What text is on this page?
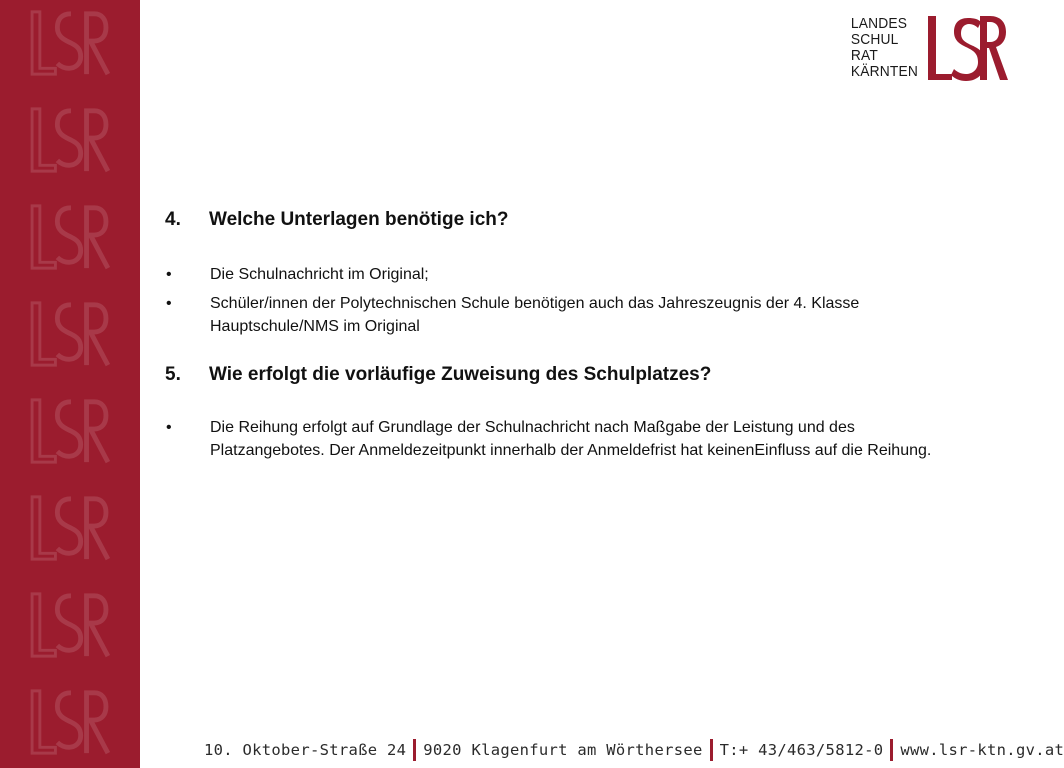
LANDES
SCHUL
RAT
KÄRNTEN
4.	Welche Unterlagen benötige ich?
•	Die Schulnachricht im Original;
•	Schüler/innen der Polytechnischen Schule benötigen auch das Jahreszeugnis der 4. Klasse Hauptschule/NMS im Original
5.	Wie erfolgt die vorläufige Zuweisung des Schulplatzes?
•	Die Reihung erfolgt auf Grundlage der Schulnachricht nach Maßgabe der Leistung und des Platzangebotes. Der Anmeldezeitpunkt innerhalb der Anmeldefrist hat keinenEinfluss auf die Reihung.
10. Oktober-Straße 24 9020 Klagenfurt am Wörthersee T:+ 43/463/5812-0 www.lsr-ktn.gv.at
